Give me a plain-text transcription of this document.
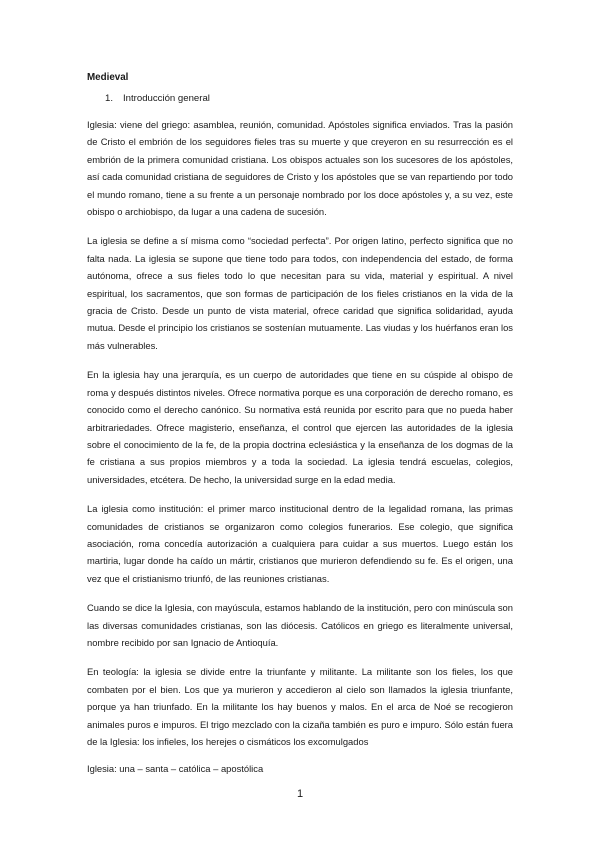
Medieval

1. Introducción general

Iglesia: viene del griego: asamblea, reunión, comunidad. Apóstoles significa enviados. Tras la pasión de Cristo el embrión de los seguidores fieles tras su muerte y que creyeron en su resurrección es el embrión de la primera comunidad cristiana. Los obispos actuales son los sucesores de los apóstoles, así cada comunidad cristiana de seguidores de Cristo y los apóstoles que se van repartiendo por todo el mundo romano, tiene a su frente a un personaje nombrado por los doce apóstoles y, a su vez, este obispo o archiobispo, da lugar a una cadena de sucesión.

La iglesia se define a sí misma como “sociedad perfecta”. Por origen latino, perfecto significa que no falta nada. La iglesia se supone que tiene todo para todos, con independencia del estado, de forma autónoma, ofrece a sus fieles todo lo que necesitan para su vida, material y espiritual. A nivel espiritual, los sacramentos, que son formas de participación de los fieles cristianos en la vida de la gracia de Cristo. Desde un punto de vista material, ofrece caridad que significa solidaridad, ayuda mutua. Desde el principio los cristianos se sostenían mutuamente. Las viudas y los huérfanos eran los más vulnerables.

En la iglesia hay una jerarquía, es un cuerpo de autoridades que tiene en su cúspide al obispo de roma y después distintos niveles. Ofrece normativa porque es una corporación de derecho romano, es conocido como el derecho canónico. Su normativa está reunida por escrito para que no pueda haber arbitrariedades. Ofrece magisterio, enseñanza, el control que ejercen las autoridades de la iglesia sobre el conocimiento de la fe, de la propia doctrina eclesiástica y la enseñanza de los dogmas de la fe cristiana a sus propios miembros y a toda la sociedad. La iglesia tendrá escuelas, colegios, universidades, etcétera. De hecho, la universidad surge en la edad media.

La iglesia como institución: el primer marco institucional dentro de la legalidad romana, las primas comunidades de cristianos se organizaron como colegios funerarios. Ese colegio, que significa asociación, roma concedía autorización a cualquiera para cuidar a sus muertos. Luego están los martiria, lugar donde ha caído un mártir, cristianos que murieron defendiendo su fe. Es el origen, una vez que el cristianismo triunfó, de las reuniones cristianas.

Cuando se dice la Iglesia, con mayúscula, estamos hablando de la institución, pero con minúscula son las diversas comunidades cristianas, son las diócesis. Católicos en griego es literalmente universal, nombre recibido por san Ignacio de Antioquía.

En teología: la iglesia se divide entre la triunfante y militante. La militante son los fieles, los que combaten por el bien. Los que ya murieron y accedieron al cielo son llamados la iglesia triunfante, porque ya han triunfado. En la militante los hay buenos y malos. En el arca de Noé se recogieron animales puros e impuros. El trigo mezclado con la cizaña también es puro e impuro. Sólo están fuera de la Iglesia: los infieles, los herejes o cismáticos los excomulgados

Iglesia: una – santa – católica – apostólica

1
